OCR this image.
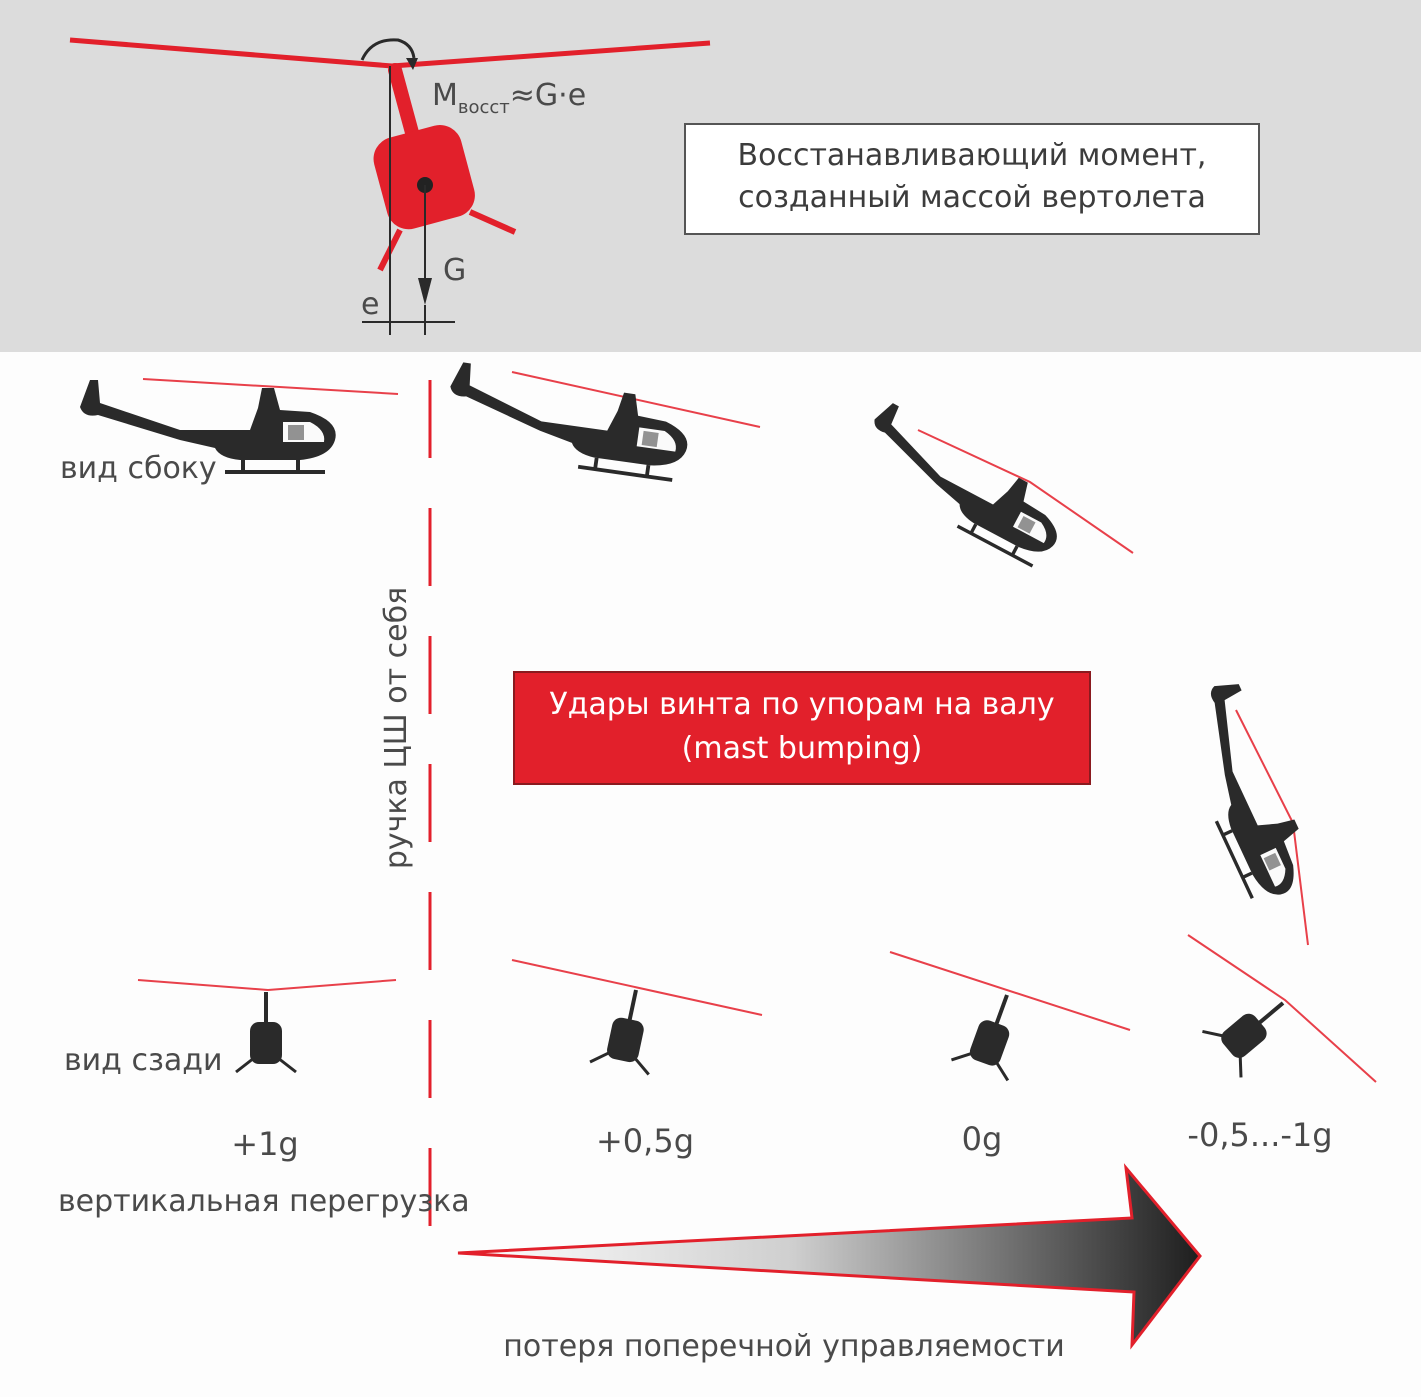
G
e
$M_{восст}\approx G\cdot e$
Восстанавливающий момент,
созданный массой вертолета
вид сбоку
ручка ЦШ от себя	Удары винта по упорам на валу
(mast bumping)
вид сзади
+1g	+0,5g	0g	-0,5...-1g
вертикальная перегрузка
потеря поперечной управляемости
